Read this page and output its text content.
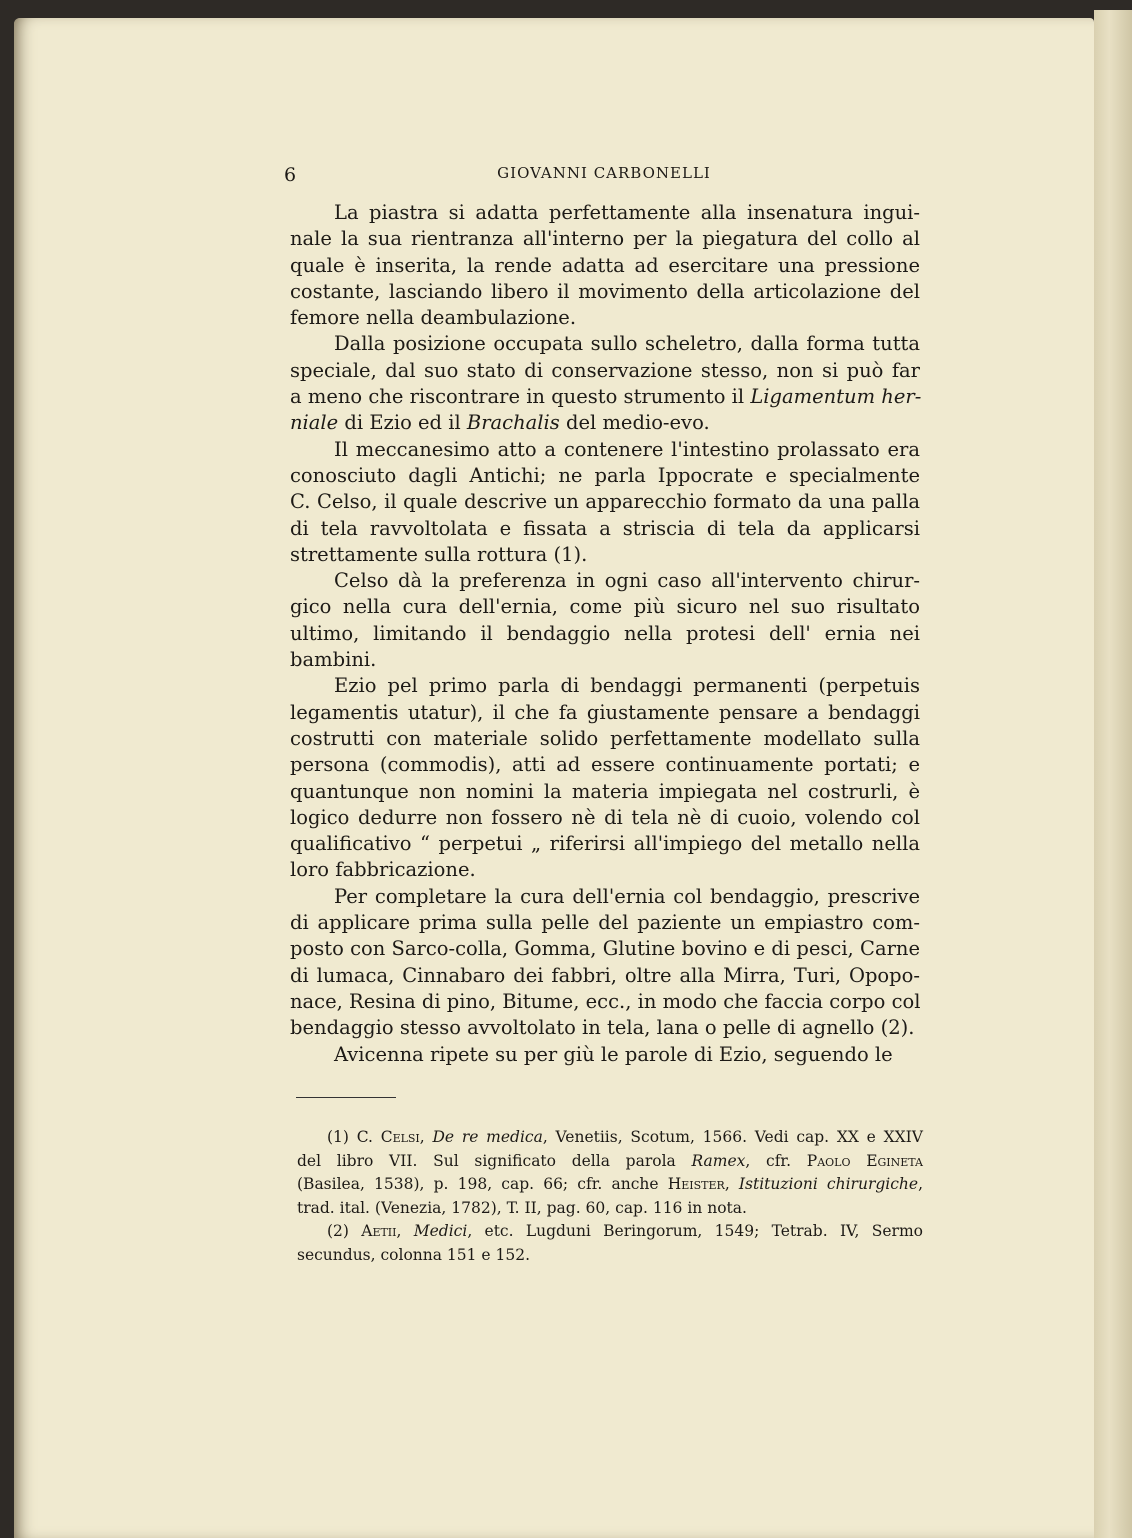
6	GIOVANNI CARBONELLI
La piastra si adatta perfettamente alla insenatura ingui-
nale la sua rientranza all'interno per la piegatura del collo al
quale è inserita, la rende adatta ad esercitare una pressione
costante, lasciando libero il movimento della articolazione del
femore nella deambulazione.
Dalla posizione occupata sullo scheletro, dalla forma tutta
speciale, dal suo stato di conservazione stesso, non si può far
a meno che riscontrare in questo strumento il Ligamentum her-
niale di Ezio ed il Brachalis del medio-evo.
Il meccanesimo atto a contenere l'intestino prolassato era
conosciuto dagli Antichi; ne parla Ippocrate e specialmente
C. Celso, il quale descrive un apparecchio formato da una palla
di tela ravvoltolata e fissata a striscia di tela da applicarsi
strettamente sulla rottura (1).
Celso dà la preferenza in ogni caso all'intervento chirur-
gico nella cura dell'ernia, come più sicuro nel suo risultato
ultimo, limitando il bendaggio nella protesi dell' ernia nei
bambini.
Ezio pel primo parla di bendaggi permanenti (perpetuis
legamentis utatur), il che fa giustamente pensare a bendaggi
costrutti con materiale solido perfettamente modellato sulla
persona (commodis), atti ad essere continuamente portati; e
quantunque non nomini la materia impiegata nel costrurli, è
logico dedurre non fossero nè di tela nè di cuoio, volendo col
qualificativo “ perpetui „ riferirsi all'impiego del metallo nella
loro fabbricazione.
Per completare la cura dell'ernia col bendaggio, prescrive
di applicare prima sulla pelle del paziente un empiastro com-
posto con Sarco-colla, Gomma, Glutine bovino e di pesci, Carne
di lumaca, Cinnabaro dei fabbri, oltre alla Mirra, Turi, Opopo-
nace, Resina di pino, Bitume, ecc., in modo che faccia corpo col
bendaggio stesso avvoltolato in tela, lana o pelle di agnello (2).
Avicenna ripete su per giù le parole di Ezio, seguendo le
(1) C. Celsi, De re medica, Venetiis, Scotum, 1566. Vedi cap. XX e XXIV
del libro VII. Sul significato della parola Ramex, cfr. Paolo Egineta
(Basilea, 1538), p. 198, cap. 66; cfr. anche Heister, Istituzioni chirurgiche,
trad. ital. (Venezia, 1782), T. II, pag. 60, cap. 116 in nota.
(2) Aetii, Medici, etc. Lugduni Beringorum, 1549; Tetrab. IV, Sermo
secundus, colonna 151 e 152.
